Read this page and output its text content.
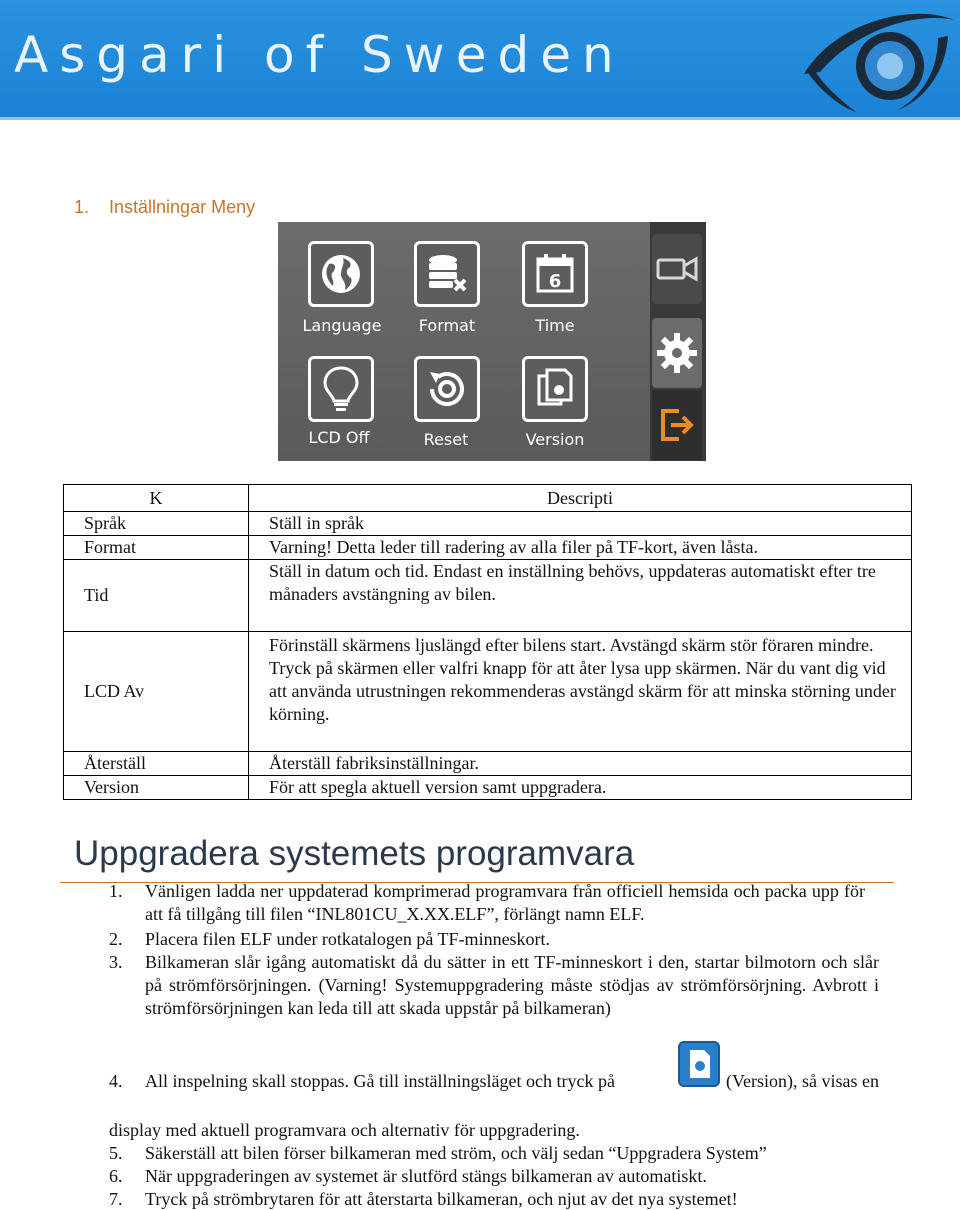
Asgari of Sweden
1. Inställningar Meny
Language	Format
6
Time
LCD Off	Reset	Version
K	Descripti
Språk	Ställ in språk
Format	Varning! Detta leder till radering av alla filer på TF-kort, även låsta.
Tid	Ställ in datum och tid. Endast en inställning behövs, uppdateras automatiskt efter tre månaders avstängning av bilen.
LCD Av	Förinställ skärmens ljuslängd efter bilens start. Avstängd skärm stör föraren mindre. Tryck på skärmen eller valfri knapp för att åter lysa upp skärmen. När du vant dig vid att använda utrustningen rekommenderas avstängd skärm för att minska störning under körning.
Återställ	Återställ fabriksinställningar.
Version	För att spegla aktuell version samt uppgradera.
Uppgradera systemets programvara
1. Vänligen ladda ner uppdaterad komprimerad programvara från officiell hemsida och packa upp för att få tillgång till filen “INL801CU_X.XX.ELF”, förlängt namn ELF.
2. Placera filen ELF under rotkatalogen på TF-minneskort.
3. Bilkameran slår igång automatiskt då du sätter in ett TF-minneskort i den, startar bilmotorn och slår på strömförsörjningen. (Varning! Systemuppgradering måste stödjas av strömförsörjning. Avbrott i strömförsörjningen kan leda till att skada uppstår på bilkameran)
4. All inspelning skall stoppas. Gå till inställningsläget och tryck på	(Version), så visas en
display med aktuell programvara och alternativ för uppgradering.
5. Säkerställ att bilen förser bilkameran med ström, och välj sedan “Uppgradera System”
6. När uppgraderingen av systemet är slutförd stängs bilkameran av automatiskt.
7. Tryck på strömbrytaren för att återstarta bilkameran, och njut av det nya systemet!
